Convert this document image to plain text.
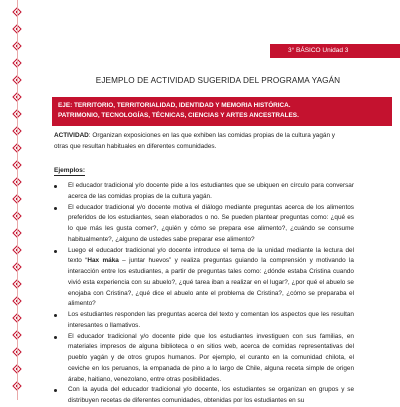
3° BÁSICO Unidad 3
EJEMPLO DE ACTIVIDAD SUGERIDA DEL PROGRAMA YAGÁN
EJE: TERRITORIO, TERRITORIALIDAD, IDENTIDAD Y MEMORIA HISTÓRICA.
PATRIMONIO, TECNOLOGÍAS, TÉCNICAS, CIENCIAS Y ARTES ANCESTRALES.
ACTIVIDAD: Organizan exposiciones en las que exhiben las comidas propias de la cultura yagán y otras que resultan habituales en diferentes comunidades.
Ejemplos:
El educador tradicional y/o docente pide a los estudiantes que se ubiquen en círculo para conversar acerca de las comidas propias de la cultura yagán.
El educador tradicional y/o docente motiva el diálogo mediante preguntas acerca de los alimentos preferidos de los estudiantes, sean elaborados o no. Se pueden plantear preguntas como: ¿qué es lo que más les gusta comer?, ¿quién y cómo se prepara ese alimento?, ¿cuándo se consume habitualmente?, ¿alguno de ustedes sabe preparar ese alimento?
Luego el educador tradicional y/o docente introduce el tema de la unidad mediante la lectura del texto “Hax máka – juntar huevos” y realiza preguntas guiando la comprensión y motivando la interacción entre los estudiantes, a partir de preguntas tales como: ¿dónde estaba Cristina cuando vivió esta experiencia con su abuelo?, ¿qué tarea iban a realizar en el lugar?, ¿por qué el abuelo se enojaba con Cristina?, ¿qué dice el abuelo ante el problema de Cristina?, ¿cómo se preparaba el alimento?
Los estudiantes responden las preguntas acerca del texto y comentan los aspectos que les resultan interesantes o llamativos.
El educador tradicional y/o docente pide que los estudiantes investiguen con sus familias, en materiales impresos de alguna biblioteca o en sitios web, acerca de comidas representativas del pueblo yagán y de otros grupos humanos. Por ejemplo, el curanto en la comunidad chilota, el ceviche en los peruanos, la empanada de pino a lo largo de Chile, alguna receta simple de origen árabe, haitiano, venezolano, entre otras posibilidades.
Con la ayuda del educador tradicional y/o docente, los estudiantes se organizan en grupos y se distribuyen recetas de diferentes comunidades, obtenidas por los estudiantes en su
